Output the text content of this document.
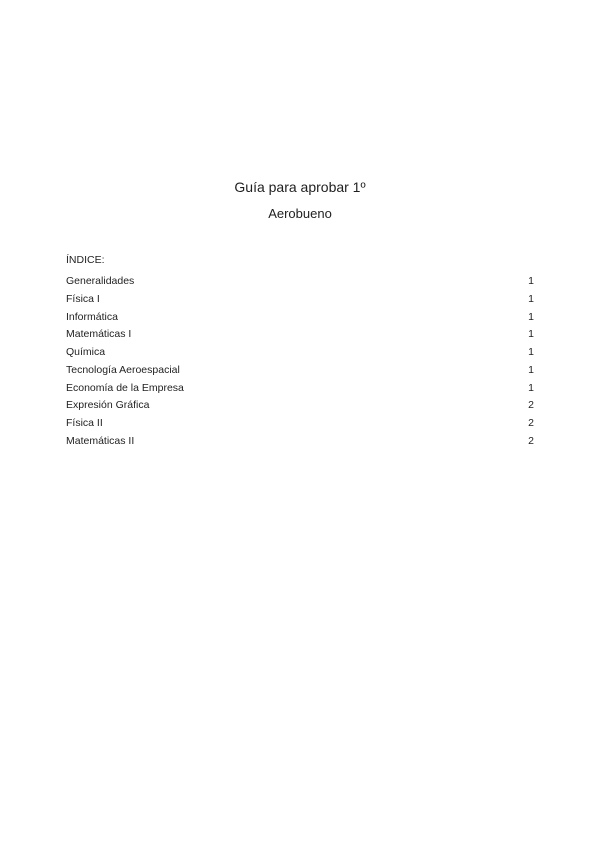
Guía para aprobar 1º
Aerobueno
ÍNDICE:
Generalidades	1
Física I	1
Informática	1
Matemáticas I	1
Química	1
Tecnología Aeroespacial	1
Economía de la Empresa	1
Expresión Gráfica	2
Física II	2
Matemáticas II	2
